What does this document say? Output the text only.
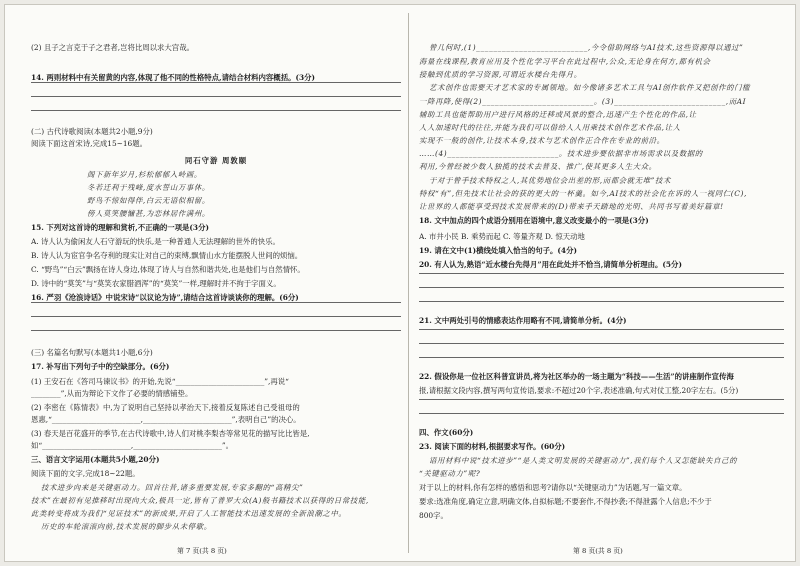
同石守游 周敦颐
(2) 且子之言克于子之君者,岂将比周以求大宫哉。
14. 两则材料中有关留黄的内容,体现了他不同的性格特点,请结合材料内容概括。(3分)
(二) 古代诗歌阅读(本题共2小题,9分)
阅读下面这首宋诗,完成15~16题。
阁下新年岁月,杉松郁郁入岭画。
冬若迁利于残峰,度水誓山万事休。
野鸟不惊如得伴,白云无语似相留。
傍人莫笑腰慵甚,为恋林居作满州。
15. 下列对这首诗的理解和赏析,不正确的一项是(3分)
A. 诗人认为偷闲友人石守游玩的快乐,是一种普通人无法理解的世外的快乐。
B. 诗人认为宦官争名夺利的现实让对自己的束缚,飘情山水方能摆脱人世间的烦恼。
C. “野鸟”“白云”飘扬在诗人身边,体现了诗人与自然和谐共处,也是他们与自然情怀。
D. 诗中的“莫笑”与“莫笑农家腊酒浑”的“莫笑”一样,理解时并不拘于字面义。
16. 严羽《沧浪诗话》中说宋诗“以议论为诗”,请结合这首诗谈谈你的理解。(6分)
(三) 名篇名句默写(本题共1小题,6分)
17. 补写出下列句子中的空缺部分。(6分)
(1) 王安石在《答司马谏议书》的开始,先说“________________________”,再说“
________”,从而为辩论下文作了必要的情感铺垫。
(2) 李密在《陈情表》中,为了说明自己坚持以孝治天下,接着反复陈述自己受祖母的
恩惠,“________________________,________________________”,表明自己”的决心。
(3) 春天是百花盛开的季节,在古代诗歌中,诗人们对桃李梨杏等常见花的描写比比皆是,
如“________________________,________________________”。
三、语言文字运用(本题共5小题,20分)
阅读下面的文字,完成18~22题。
技术进步向来是关键驱动力。回首往昔,诸多重要发展,专家多翻的“高精尖”
技术”在最初有见推移时出现向大众,极具一定,皆有了普罗大众(A)般书籍技术以获得的日常技能,
此类转变将成为我们“见证技术”的新成果,开启了人工智能技术迅速发展的全新浪潮之中。
历史的车轮滚滚向前,技术发展的脚步从未停歇。
曾几何时,(1)__________________________,今令借助网络与AI技术,这些资源得以通过”
海量在线课程,教育应用及个性化学习平台在此过程中,公众,无论身在何方,都有机会
接触到优质的学习资源,可谓近水楼台先得月。
艺术创作也需要天才艺术家的专属领地。如今像诸多艺术工具与AI创作软件又把创作的门槛
一降再降,使得(2)__________________________。(3)__________________________,而AI
辅助工具也能帮助用户进行风格的迁移或风景的整合,迅速产生个性化的作品,让
人人加速时代的往往,并能为我们可以借给人人用乘技术创作艺术作品,让人
实现不一般的创作,让技术本身,技术与艺术创作正合作在专业的前沿。
……(4)__________________________。技术进步要依据非市场需求以及数据的
利用,今曾经被少数人独揽的技术去普及、推广,使其更多人生大众。
于对于曾手技术特权之人,其优势地位会出差的形,而都会就无堆”技术
特权“有”,但先技术让社会的获的更大的一杯羹。如今,AI技术的社会化在诉的人一视同仁(C),
让世界的人都能享受到技术发展带来的(D)带来手天踏地的光明、共同书写着美好篇章!
18. 文中加点的四个成语分别用在语境中,意义改变最小的一项是(3分)
A. 市井小民 B. 乘势而起 C. 等量齐观 D. 惊天动地
19. 请在文中(1)横线处填入恰当的句子。(4分)
20. 有人认为,熟语“近水楼台先得月”用在此处并不恰当,请简单分析理由。(5分)
21. 文中两处引号的情感表达作用略有不同,请简单分析。(4分)
22. 假设你是一位社区科普宣讲员,将为社区举办的一场主题为“科技——生活”的讲座制作宣传海
报,请根据文段内容,撰写两句宣传语,要求:不超过20个字,表述准确,句式对仗工整,20字左右。(5分)
四、作文(60分)
23. 阅读下面的材料,根据要求写作。(60分)
语用材料中说“技术进步”“是人类文明发展的关键驱动力”,我们每个人又怎能缺失自己的
“关键驱动力”呢?
对于以上的材料,你有怎样的感悟和思考?请你以“关键驱动力”为话题,写一篇文章。
要求:选准角度,确定立意,明确文体,自拟标题;不要套作,不得抄袭;不得泄露个人信息;不少于
800字。
第 7 页(共 8 页)	第 8 页(共 8 页)
